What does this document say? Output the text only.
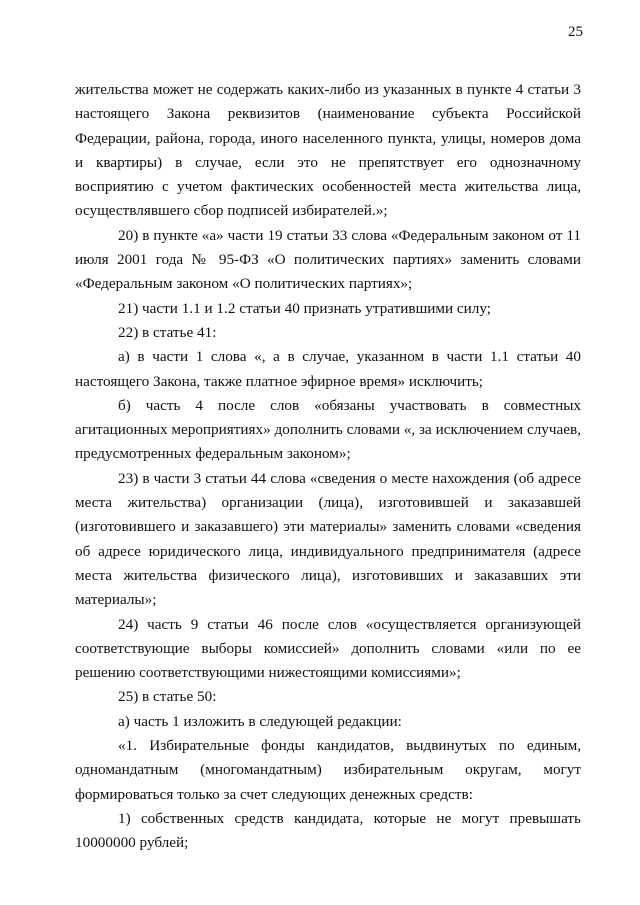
25

жительства может не содержать каких-либо из указанных в пункте 4 статьи 3 настоящего Закона реквизитов (наименование субъекта Российской Федерации, района, города, иного населенного пункта, улицы, номеров дома и квартиры) в случае, если это не препятствует его однозначному восприятию с учетом фактических особенностей места жительства лица, осуществлявшего сбор подписей избирателей.»;

20) в пункте «а» части 19 статьи 33 слова «Федеральным законом от 11 июля 2001 года № 95-ФЗ «О политических партиях» заменить словами «Федеральным законом «О политических партиях»;

21) части 1.1 и 1.2 статьи 40 признать утратившими силу;

22) в статье 41:

а) в части 1 слова «, а в случае, указанном в части 1.1 статьи 40 настоящего Закона, также платное эфирное время» исключить;

б) часть 4 после слов «обязаны участвовать в совместных агитационных мероприятиях» дополнить словами «, за исключением случаев, предусмотренных федеральным законом»;

23) в части 3 статьи 44 слова «сведения о месте нахождения (об адресе места жительства) организации (лица), изготовившей и заказавшей (изготовившего и заказавшего) эти материалы» заменить словами «сведения об адресе юридического лица, индивидуального предпринимателя (адресе места жительства физического лица), изготовивших и заказавших эти материалы»;

24) часть 9 статьи 46 после слов «осуществляется организующей соответствующие выборы комиссией» дополнить словами «или по ее решению соответствующими нижестоящими комиссиями»;

25) в статье 50:

а) часть 1 изложить в следующей редакции:

«1. Избирательные фонды кандидатов, выдвинутых по единым, одномандатным (многомандатным) избирательным округам, могут формироваться только за счет следующих денежных средств:

1) собственных средств кандидата, которые не могут превышать 10000000 рублей;
